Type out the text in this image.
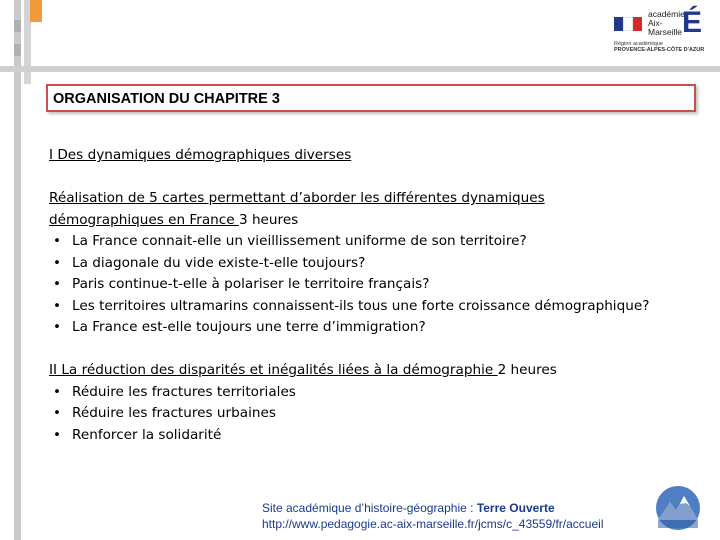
académie
Aix-Marseille É
Région académique
PROVENCE-ALPES-CÔTE D'AZUR
ORGANISATION DU CHAPITRE 3

I Des dynamiques démographiques diverses

Réalisation de 5 cartes permettant d’aborder les différentes dynamiques

démographiques en France 3 heures

• La France connait-elle un vieillissement uniforme de son territoire?
• La diagonale du vide existe-t-elle toujours?
• Paris continue-t-elle à polariser le territoire français?
• Les territoires ultramarins connaissent-ils tous une forte croissance démographique?
• La France est-elle toujours une terre d’immigration?

II La réduction des disparités et inégalités liées à la démographie 2 heures

• Réduire les fractures territoriales
• Réduire les fractures urbaines
• Renforcer la solidarité
Site académique d’histoire-géographie : Terre Ouverte
http://www.pedagogie.ac-aix-marseille.fr/jcms/c_43559/fr/accueil
